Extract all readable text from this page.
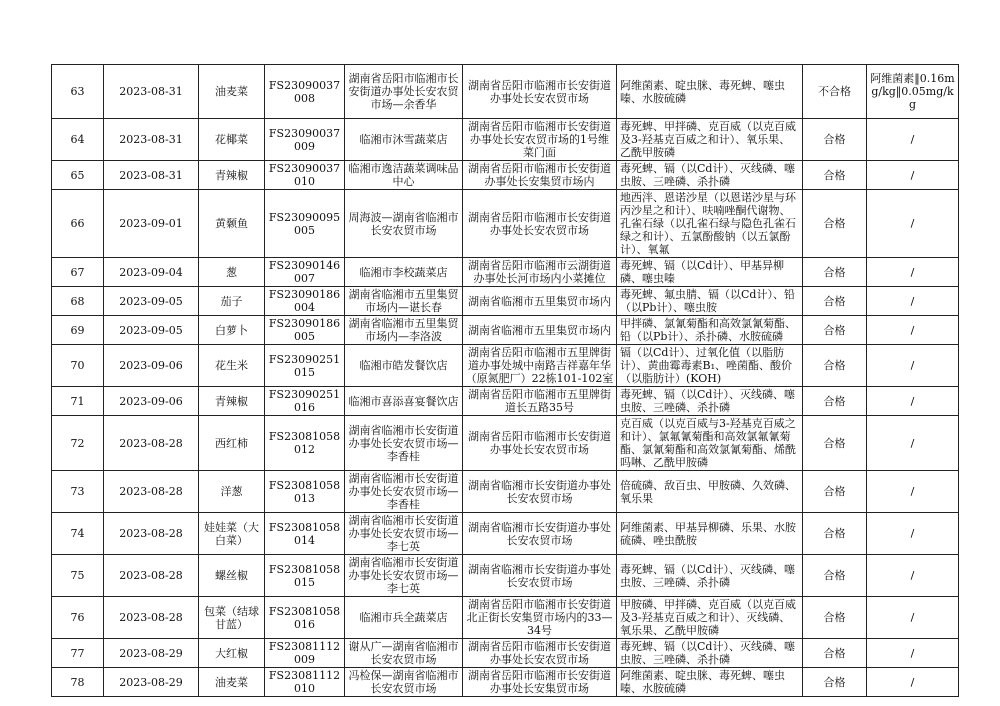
63	2023-08-31	油麦菜	FS23090037008	湖南省岳阳市临湘市长安街道办事处长安农贸市场—余香华	湖南省岳阳市临湘市长安街道办事处长安农贸市场	阿维菌素、啶虫脒、毒死蜱、噻虫嗪、水胺硫磷	不合格	阿维菌素‖0.16mg/kg‖0.05mg/kg
64	2023-08-31	花椰菜	FS23090037009	临湘市沐雪蔬菜店	湖南省岳阳市临湘市长安街道办事处长安农贸市场的1号维菜门面	毒死蜱、甲拌磷、克百威（以克百威及3-羟基克百威之和计）、氧乐果、乙酰甲胺磷	合格	/
65	2023-08-31	青辣椒	FS23090037010	临湘市逸洁蔬菜调味品中心	湖南省岳阳市临湘市长安街道办事处长安集贸市场内	毒死蜱、镉（以Cd计）、灭线磷、噻虫胺、三唑磷、杀扑磷	合格	/
66	2023-09-01	黄颡鱼	FS23090095005	周海波—湖南省临湘市长安农贸市场	湖南省岳阳市临湘市长安街道办事处长安农贸市场	地西泮、恩诺沙星（以恩诺沙星与环丙沙星之和计）、呋喃唑酮代谢物、孔雀石绿（以孔雀石绿与隐色孔雀石绿之和计）、五氯酚酸钠（以五氯酚计）、氧氟	合格	/
67	2023-09-04	葱	FS23090146007	临湘市李校蔬菜店	湖南省岳阳市临湘市云湖街道办事处长河市场内小菜摊位	毒死蜱、镉（以Cd计）、甲基异柳磷、噻虫嗪	合格	/
68	2023-09-05	茄子	FS23090186004	湖南省临湘市五里集贸市场内—谌长春	湖南省临湘市五里集贸市场内	毒死蜱、氟虫腈、镉（以Cd计）、铅（以Pb计）、噻虫胺	合格	/
69	2023-09-05	白萝卜	FS23090186005	湖南省临湘市五里集贸市场内—李洛波	湖南省临湘市五里集贸市场内	甲拌磷、氯氰菊酯和高效氯氰菊酯、铅（以Pb计）、杀扑磷、水胺硫磷	合格	/
70	2023-09-06	花生米	FS23090251015	临湘市皓发餐饮店	湖南省岳阳市临湘市五里牌街道办事处城中南路吉祥嘉年华（原氮肥厂）22栋101-102室	镉（以Cd计）、过氧化值（以脂肪计）、黄曲霉毒素B₁、唑菌酯、酸价（以脂肪计）(KOH)	合格	/
71	2023-09-06	青辣椒	FS23090251016	临湘市喜添喜宴餐饮店	湖南省岳阳市临湘市五里牌街道长五路35号	毒死蜱、镉（以Cd计）、灭线磷、噻虫胺、三唑磷、杀扑磷	合格	/
72	2023-08-28	西红柿	FS23081058012	湖南省临湘市长安街道办事处长安农贸市场—李香桂	湖南省岳阳市临湘市长安街道办事处长安农贸市场	克百威（以克百威与3-羟基克百威之和计）、氯氟氰菊酯和高效氯氟氰菊酯、氯氰菊酯和高效氯氰菊酯、烯酰吗啉、乙酰甲胺磷	合格	/
73	2023-08-28	洋葱	FS23081058013	湖南省临湘市长安街道办事处长安农贸市场—李香桂	湖南省临湘市长安街道办事处长安农贸市场	倍硫磷、敌百虫、甲胺磷、久效磷、氧乐果	合格	/
74	2023-08-28	娃娃菜（大白菜）	FS23081058014	湖南省临湘市长安街道办事处长安农贸市场—李七英	湖南省临湘市长安街道办事处长安农贸市场	阿维菌素、甲基异柳磷、乐果、水胺硫磷、唑虫酰胺	合格	/
75	2023-08-28	螺丝椒	FS23081058015	湖南省临湘市长安街道办事处长安农贸市场—李七英	湖南省临湘市长安街道办事处长安农贸市场	毒死蜱、镉（以Cd计）、灭线磷、噻虫胺、三唑磷、杀扑磷	合格	/
76	2023-08-28	包菜（结球甘蓝）	FS23081058016	临湘市兵全蔬菜店	湖南省岳阳市临湘市长安街道北正街长安集贸市场内的33—34号	甲胺磷、甲拌磷、克百威（以克百威及3-羟基克百威之和计）、灭线磷、氧乐果、乙酰甲胺磷	合格	/
77	2023-08-29	大红椒	FS23081112009	谢从广—湖南省临湘市长安农贸市场	湖南省岳阳市临湘市长安街道办事处长安农贸市场	毒死蜱、镉（以Cd计）、灭线磷、噻虫胺、三唑磷、杀扑磷	合格	/
78	2023-08-29	油麦菜	FS23081112010	冯检保—湖南省临湘市长安农贸市场	湖南省岳阳市临湘市长安街道办事处长安集贸市场	阿维菌素、啶虫脒、毒死蜱、噻虫嗪、水胺硫磷	合格	/
